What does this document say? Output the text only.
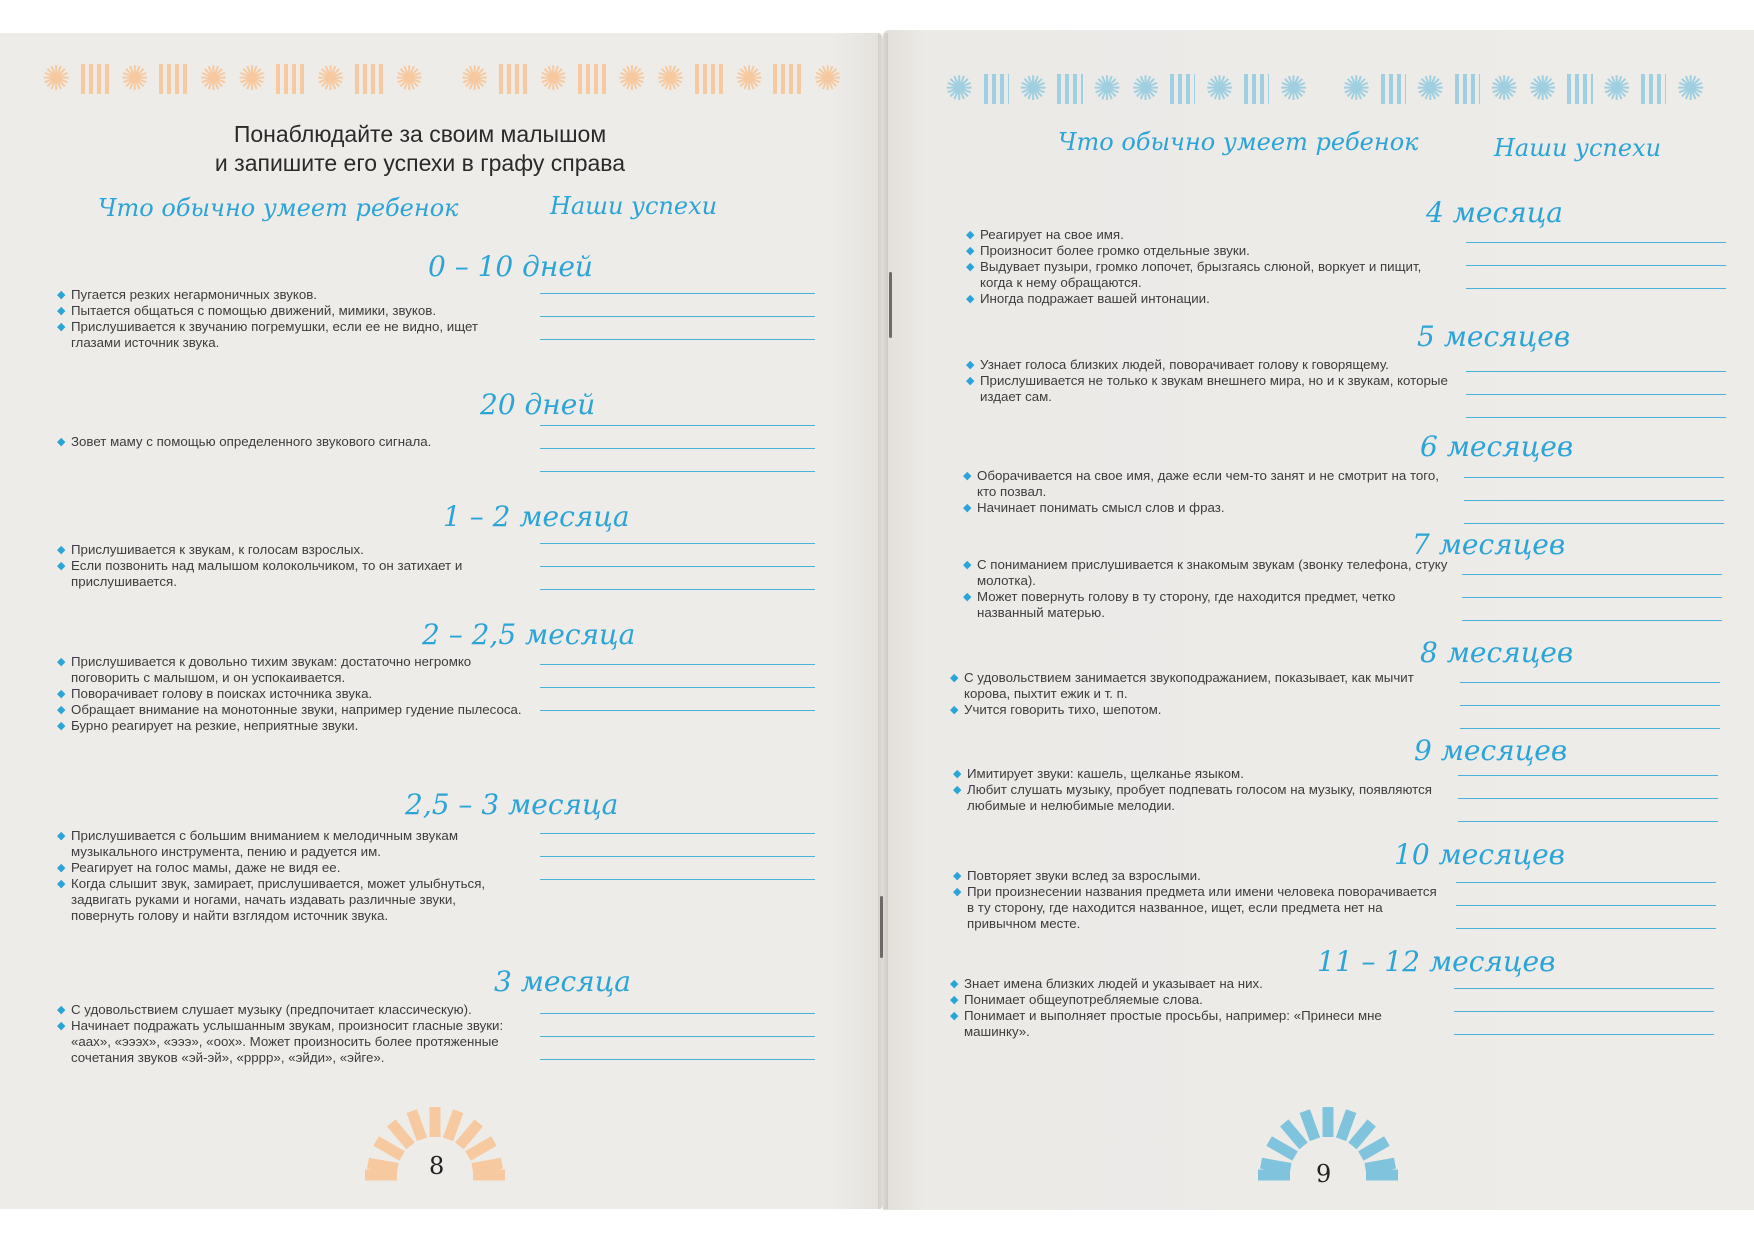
✺ ✺ ✺ ✺ ✺ ✺ ✺ ✺ ✺ ✺ ✺ ✺	✺ ✺ ✺ ✺ ✺ ✺ ✺ ✺ ✺ ✺ ✺ ✺
Понаблюдайте за своим малышом
и запишите его успехи в графу справа
Что обычно умеет ребенок	Наши успехи
Что обычно умеет ребенок	Наши успехи
0 – 10 дней
◆ Пугается резких негармоничных звуков.
◆ Пытается общаться с помощью движений, мимики, звуков.
◆ Прислушивается к звучанию погремушки, если ее не видно, ищет глазами источник звука.
20 дней
◆ Зовет маму с помощью определенного звукового сигнала.
1 – 2 месяца
◆ Прислушивается к звукам, к голосам взрослых.
◆ Если позвонить над малышом колокольчиком, то он затихает и прислушивается.
2 – 2,5 месяца
◆ Прислушивается к довольно тихим звукам: достаточно негромко поговорить с малышом, и он успокаивается.
◆ Поворачивает голову в поисках источника звука.
◆ Обращает внимание на монотонные звуки, например гудение пылесоса.
◆ Бурно реагирует на резкие, неприятные звуки.
2,5 – 3 месяца
◆ Прислушивается с большим вниманием к мелодичным звукам музыкального инструмента, пению и радуется им.
◆ Реагирует на голос мамы, даже не видя ее.
◆ Когда слышит звук, замирает, прислушивается, может улыбнуться, задвигать руками и ногами, начать издавать различные звуки, повернуть голову и найти взглядом источник звука.
3 месяца
◆ С удовольствием слушает музыку (предпочитает классическую).
◆ Начинает подражать услышанным звукам, произносит гласные звуки: «аах», «эээх», «эээ», «оох». Может произносить более протяженные сочетания звуков «эй-эй», «рррр», «эйди», «эйге».
4 месяца
◆ Реагирует на свое имя.
◆ Произносит более громко отдельные звуки.
◆ Выдувает пузыри, громко лопочет, брызгаясь слюной, воркует и пищит, когда к нему обращаются.
◆ Иногда подражает вашей интонации.
5 месяцев
◆ Узнает голоса близких людей, поворачивает голову к говорящему.
◆ Прислушивается не только к звукам внешнего мира, но и к звукам, которые издает сам.
6 месяцев
◆ Оборачивается на свое имя, даже если чем-то занят и не смотрит на того, кто позвал.
◆ Начинает понимать смысл слов и фраз.
7 месяцев
◆ С пониманием прислушивается к знакомым звукам (звонку телефона, стуку молотка).
◆ Может повернуть голову в ту сторону, где находится предмет, четко названный матерью.
8 месяцев
◆ С удовольствием занимается звукоподражанием, показывает, как мычит корова, пыхтит ежик и т. п.
◆ Учится говорить тихо, шепотом.
9 месяцев
◆ Имитирует звуки: кашель, щелканье языком.
◆ Любит слушать музыку, пробует подпевать голосом на музыку, появляются любимые и нелюбимые мелодии.
10 месяцев
◆ Повторяет звуки вслед за взрослыми.
◆ При произнесении названия предмета или имени человека поворачивается в ту сторону, где находится названное, ищет, если предмета нет на привычном месте.
11 – 12 месяцев
◆ Знает имена близких людей и указывает на них.
◆ Понимает общеупотребляемые слова.
◆ Понимает и выполняет простые просьбы, например: «Принеси мне машинку».
8	9
